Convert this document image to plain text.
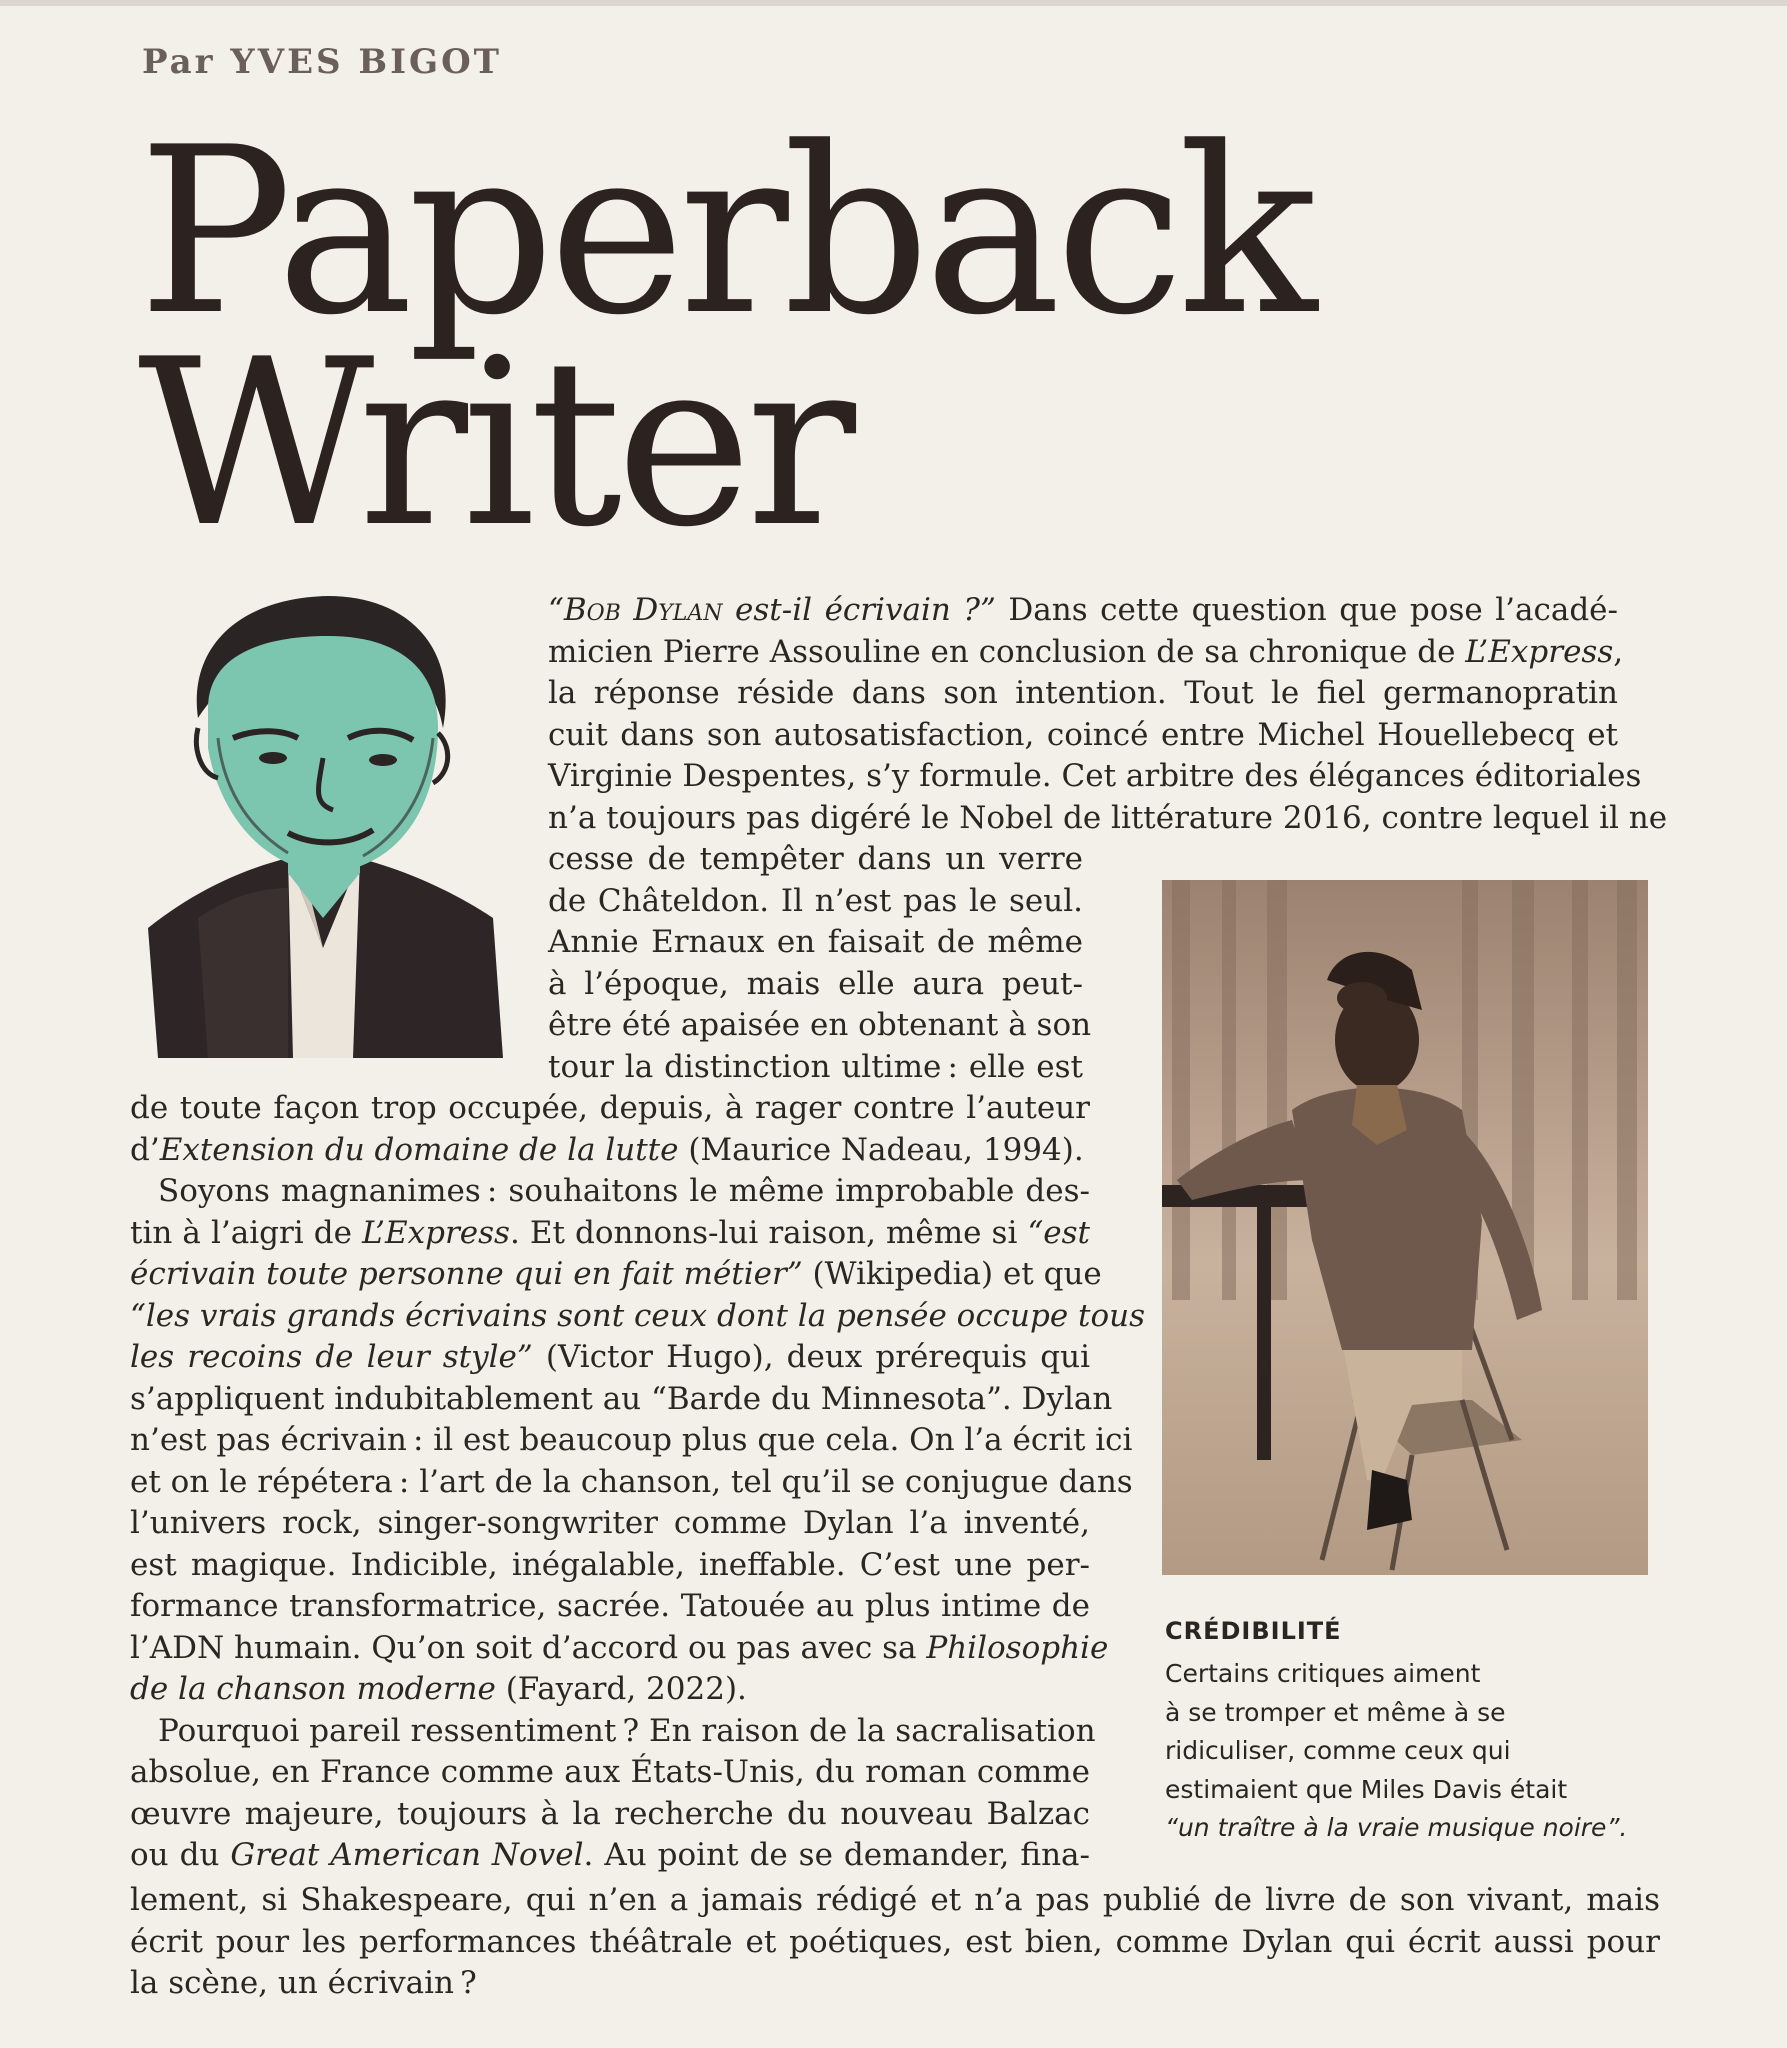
Par YVES BIGOT
Paperback
Writer
“Bob Dylan est-il écrivain ?” Dans cette question que pose l’acadé-
micien Pierre Assouline en conclusion de sa chronique de L’Express,
la réponse réside dans son intention. Tout le fiel germanopratin
cuit dans son autosatisfaction, coincé entre Michel Houellebecq et
Virginie Despentes, s’y formule. Cet arbitre des élégances éditoriales
n’a toujours pas digéré le Nobel de littérature 2016, contre lequel il ne
cesse de tempêter dans un verre
de Châteldon. Il n’est pas le seul.
Annie Ernaux en faisait de même
à l’époque, mais elle aura peut-
être été apaisée en obtenant à son
tour la distinction ultime : elle est
de toute façon trop occupée, depuis, à rager contre l’auteur
d’Extension du domaine de la lutte (Maurice Nadeau, 1994).
Soyons magnanimes : souhaitons le même improbable des-
tin à l’aigri de L’Express. Et donnons-lui raison, même si “est
écrivain toute personne qui en fait métier” (Wikipedia) et que
“les vrais grands écrivains sont ceux dont la pensée occupe tous
les recoins de leur style” (Victor Hugo), deux prérequis qui
s’appliquent indubitablement au “Barde du Minnesota”. Dylan
n’est pas écrivain : il est beaucoup plus que cela. On l’a écrit ici
et on le répétera : l’art de la chanson, tel qu’il se conjugue dans
l’univers rock, singer-songwriter comme Dylan l’a inventé,
est magique. Indicible, inégalable, ineffable. C’est une per-
formance transformatrice, sacrée. Tatouée au plus intime de
l’ADN humain. Qu’on soit d’accord ou pas avec sa Philosophie
de la chanson moderne (Fayard, 2022).
Pourquoi pareil ressentiment ? En raison de la sacralisation
absolue, en France comme aux États-Unis, du roman comme
œuvre majeure, toujours à la recherche du nouveau Balzac
ou du Great American Novel. Au point de se demander, fina-
lement, si Shakespeare, qui n’en a jamais rédigé et n’a pas publié de livre de son vivant, mais
écrit pour les performances théâtrale et poétiques, est bien, comme Dylan qui écrit aussi pour
la scène, un écrivain ?
CRÉDIBILITÉ
Certains critiques aiment
à se tromper et même à se
ridiculiser, comme ceux qui
estimaient que Miles Davis était
“un traître à la vraie musique noire”.
